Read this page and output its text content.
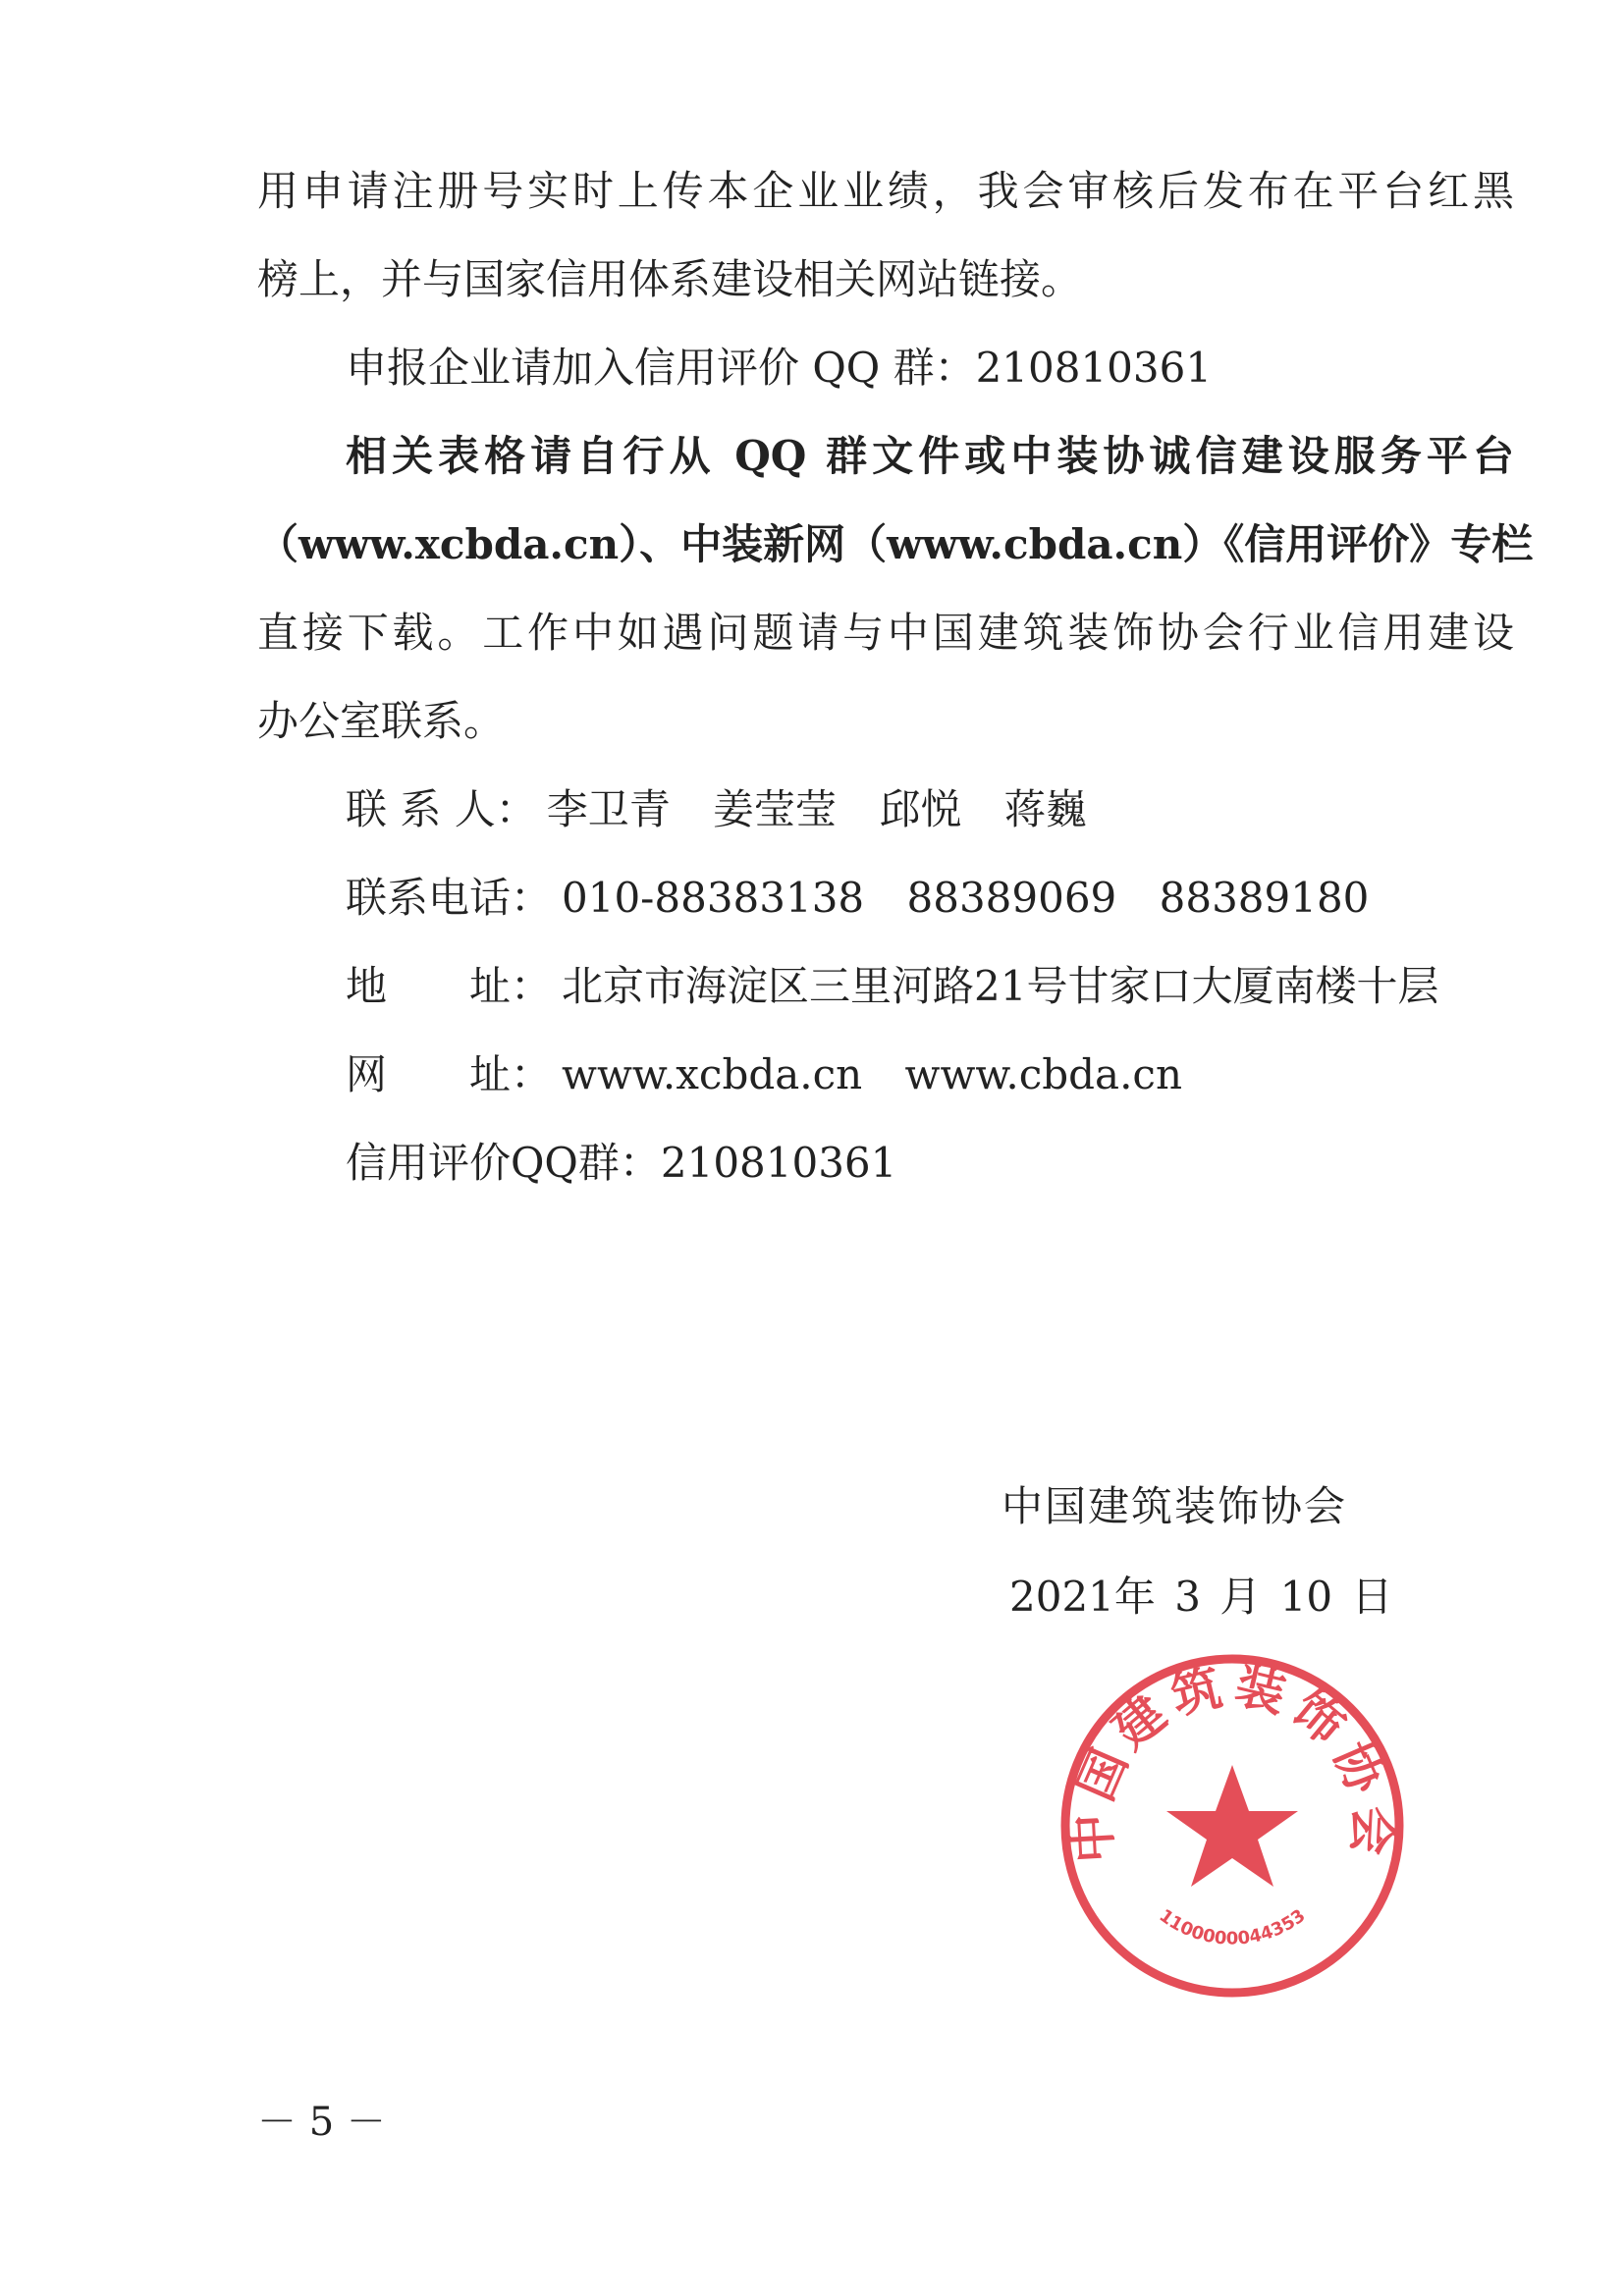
用申请注册号实时上传本企业业绩，我会审核后发布在平台红黑
榜上，并与国家信用体系建设相关网站链接。
申报企业请加入信用评价 QQ 群：210810361
相关表格请自行从 QQ 群文件或中装协诚信建设服务平台
（www.xcbda.cn）、中装新网（www.cbda.cn）《信用评价》专栏
直接下载。工作中如遇问题请与中国建筑装饰协会行业信用建设
办公室联系。
联 系 人： 李卫青 姜莹莹 邱悦 蒋巍
联系电话： 010-88383138 88389069 88389180
地　　址： 北京市海淀区三里河路21号甘家口大厦南楼十层
网　　址： www.xcbda.cn www.cbda.cn
信用评价QQ群：210810361
中国建筑装饰协会
2021年 3 月 10 日
中国建筑装饰协会
1100000044353
－ 5 －
